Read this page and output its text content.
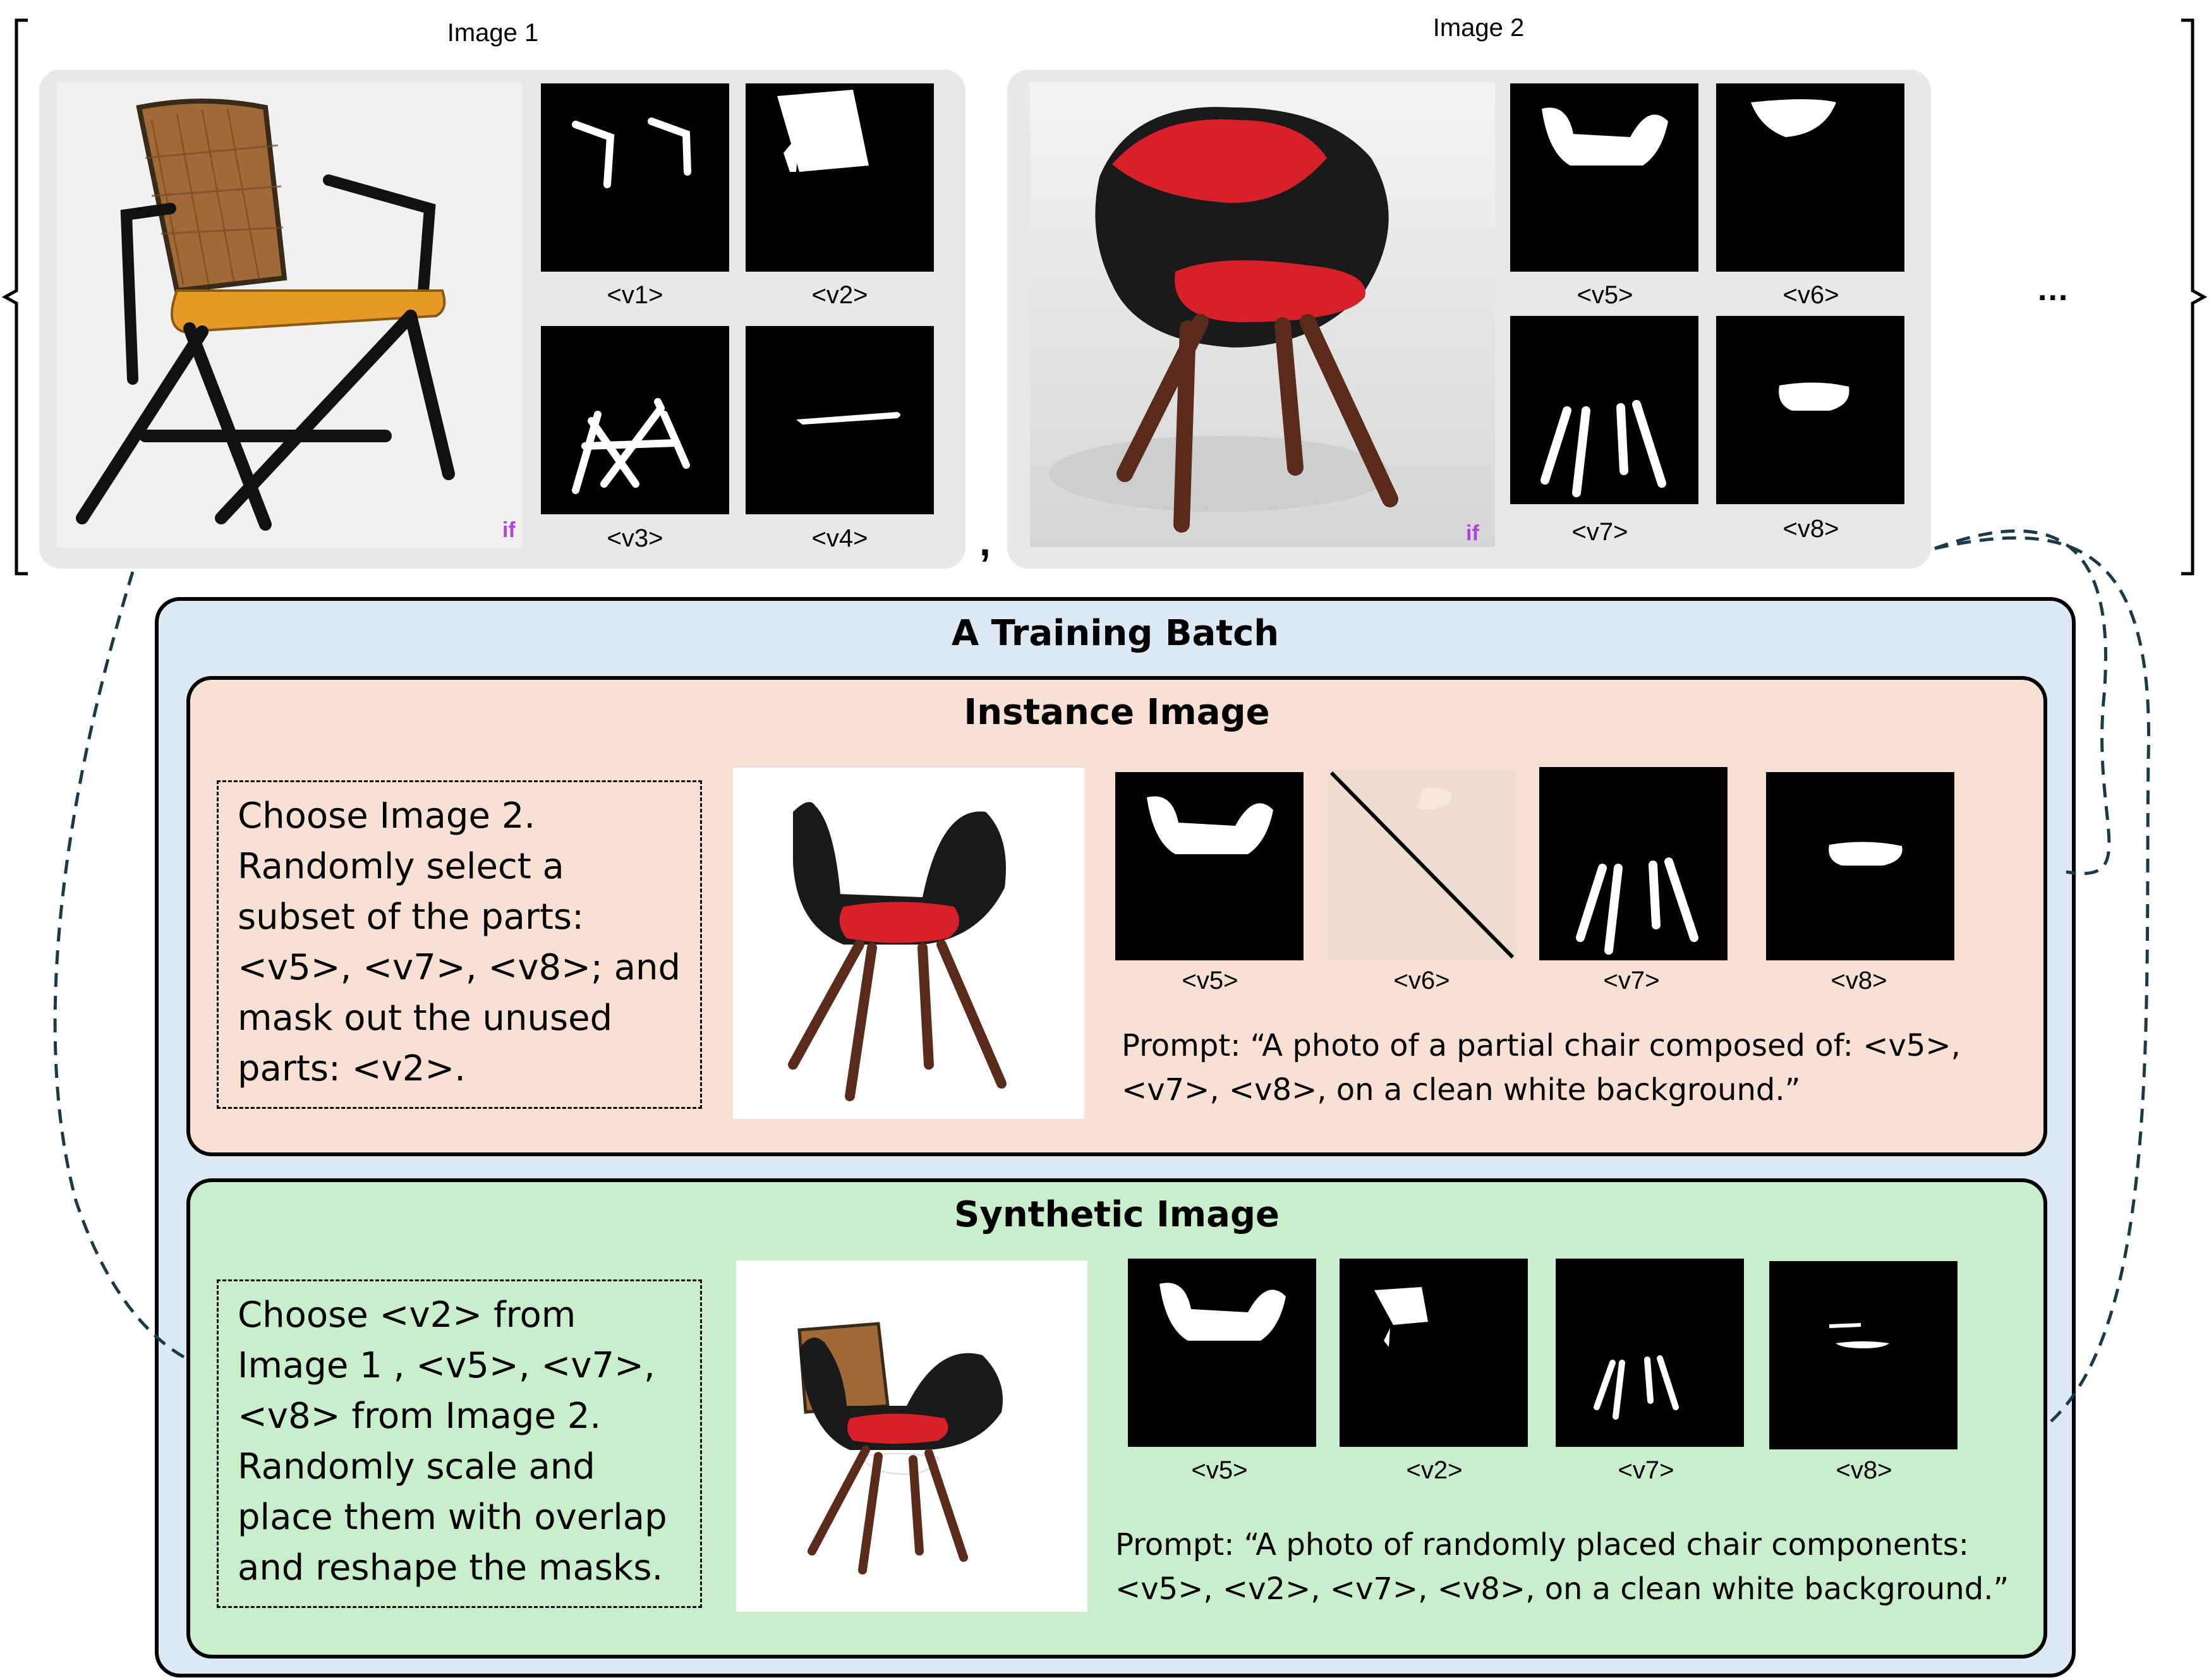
Image 1
if
<v1>	<v2>
<v3>	<v4>	,
Image 2
if
<v5>	<v6>
<v7>	<v8>
...
A Training Batch
Instance Image
Choose Image 2.
Randomly select a
subset of the parts:
<v5>, <v7>, <v8>; and
mask out the unused
parts: <v2>.
<v5>	<v6>	<v7>	<v8>
Prompt: “A photo of a partial chair composed of: <v5>,
<v7>, <v8>, on a clean white background.”
Synthetic Image
Choose <v2> from
Image 1 , <v5>, <v7>,
<v8> from Image 2.
Randomly scale and
place them with overlap
and reshape the masks.
<v5>	<v2>	<v7>	<v8>
Prompt: “A photo of randomly placed chair components:
<v5>, <v2>, <v7>, <v8>, on a clean white background.”
